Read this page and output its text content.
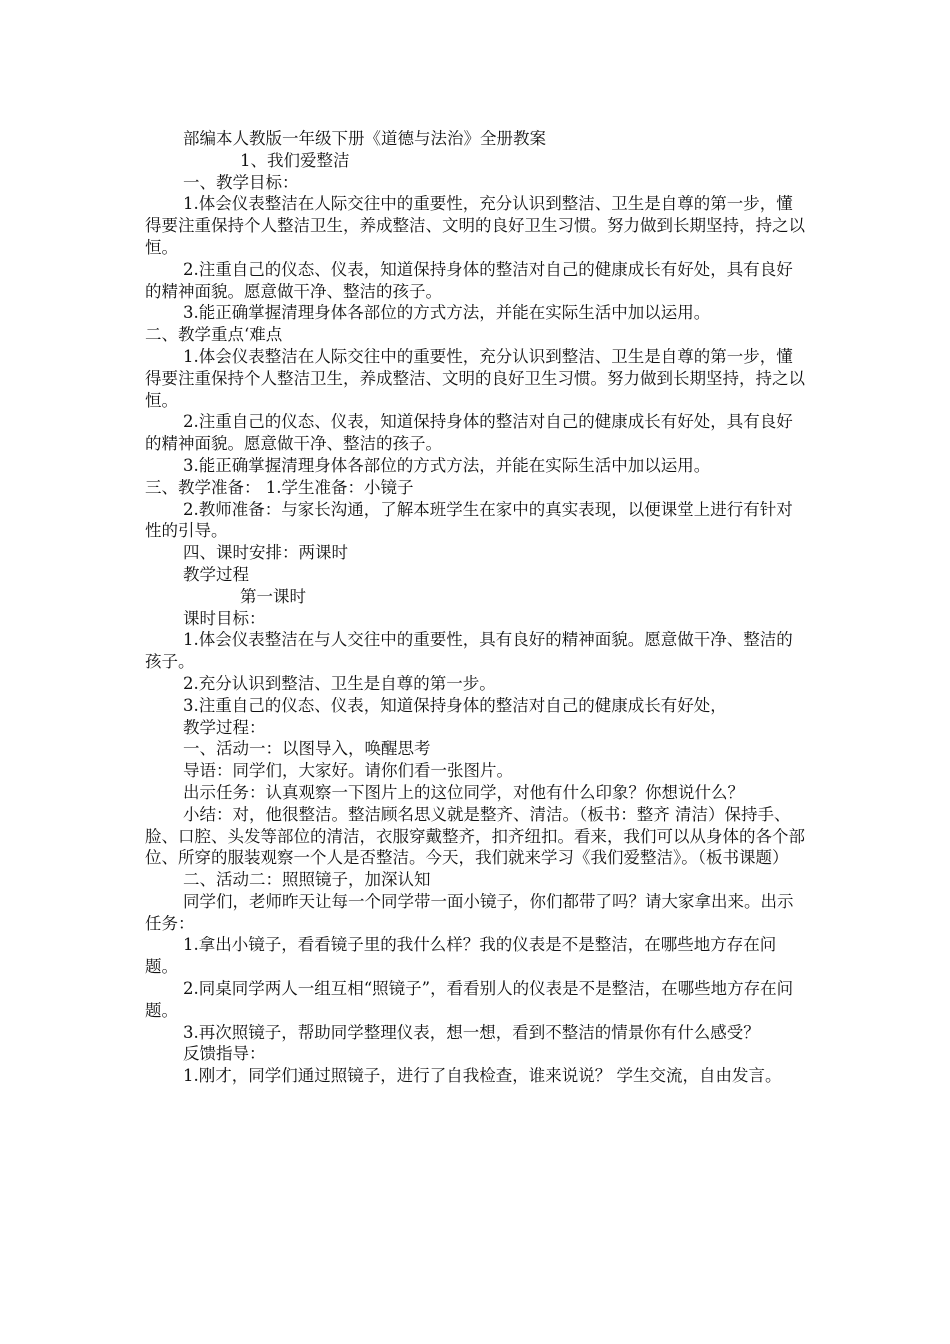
部编本人教版一年级下册《道德与法治》全册教案
1、我们爱整洁
一、教学目标：
1.体会仪表整洁在人际交往中的重要性，充分认识到整洁、卫生是自尊的第一步，懂得要注重保持个人整洁卫生，养成整洁、文明的良好卫生习惯。努力做到长期坚持，持之以恒。
2.注重自己的仪态、仪表，知道保持身体的整洁对自己的健康成长有好处，具有良好的精神面貌。愿意做干净、整洁的孩子。
3.能正确掌握清理身体各部位的方式方法，并能在实际生活中加以运用。
二、教学重点‘难点
1.体会仪表整洁在人际交往中的重要性，充分认识到整洁、卫生是自尊的第一步，懂得要注重保持个人整洁卫生，养成整洁、文明的良好卫生习惯。努力做到长期坚持，持之以恒。
2.注重自己的仪态、仪表，知道保持身体的整洁对自己的健康成长有好处，具有良好的精神面貌。愿意做干净、整洁的孩子。
3.能正确掌握清理身体各部位的方式方法，并能在实际生活中加以运用。
三、教学准备： 1.学生准备：小镜子
2.教师准备：与家长沟通，了解本班学生在家中的真实表现，以便课堂上进行有针对性的引导。
四、课时安排：两课时
教学过程
第一课时
课时目标：
1.体会仪表整洁在与人交往中的重要性，具有良好的精神面貌。愿意做干净、整洁的孩子。
2.充分认识到整洁、卫生是自尊的第一步。
3.注重自己的仪态、仪表，知道保持身体的整洁对自己的健康成长有好处，
教学过程：
一、活动一：以图导入，唤醒思考
导语：同学们，大家好。请你们看一张图片。
出示任务：认真观察一下图片上的这位同学，对他有什么印象？你想说什么？
小结：对，他很整洁。整洁顾名思义就是整齐、清洁。（板书：整齐 清洁）保持手、脸、口腔、头发等部位的清洁，衣服穿戴整齐，扣齐纽扣。看来，我们可以从身体的各个部位、所穿的服装观察一个人是否整洁。今天，我们就来学习《我们爱整洁》。（板书课题）
二、活动二：照照镜子，加深认知
同学们，老师昨天让每一个同学带一面小镜子，你们都带了吗？请大家拿出来。出示任务：
1.拿出小镜子，看看镜子里的我什么样？我的仪表是不是整洁，在哪些地方存在问题。
2.同桌同学两人一组互相“照镜子”，看看别人的仪表是不是整洁，在哪些地方存在问题。
3.再次照镜子，帮助同学整理仪表，想一想，看到不整洁的情景你有什么感受？
反馈指导：
1.刚才，同学们通过照镜子，进行了自我检查，谁来说说？ 学生交流，自由发言。
